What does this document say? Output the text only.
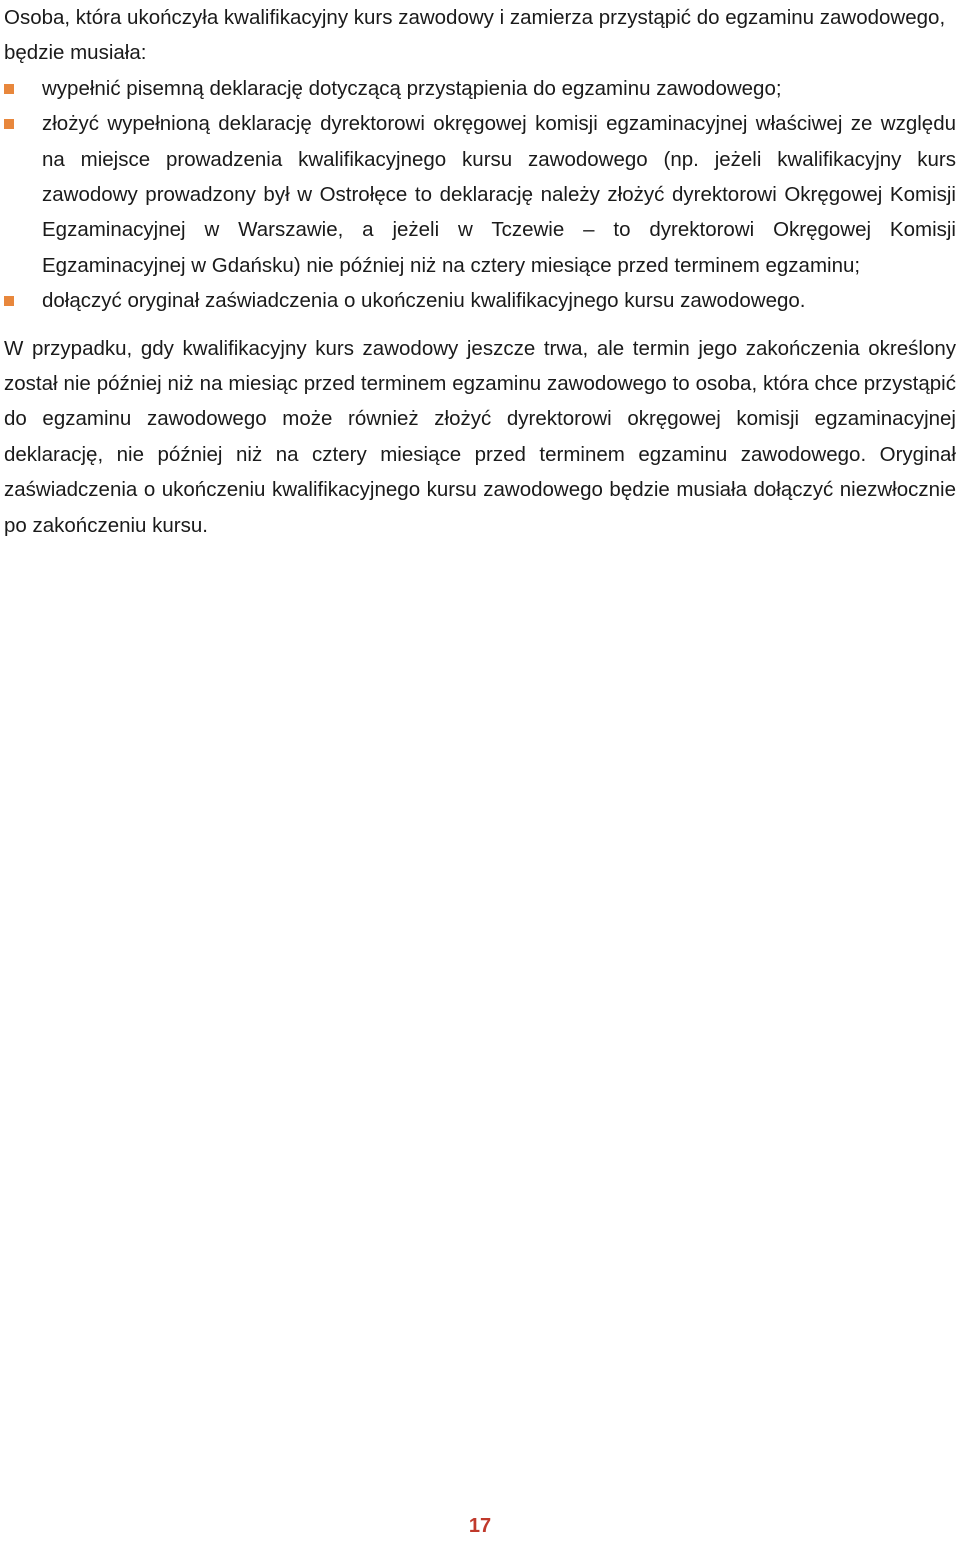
Osoba, która ukończyła kwalifikacyjny kurs zawodowy i zamierza przystąpić do egzaminu zawodowego, będzie musiała:

wypełnić pisemną deklarację dotyczącą przystąpienia do egzaminu zawodowego;
złożyć wypełnioną deklarację dyrektorowi okręgowej komisji egzaminacyjnej właściwej ze względu na miejsce prowadzenia kwalifikacyjnego kursu zawodowego (np. jeżeli kwalifikacyjny kurs zawodowy prowadzony był w Ostrołęce to deklarację należy złożyć dyrektorowi Okręgowej Komisji Egzaminacyjnej w Warszawie, a jeżeli w Tczewie – to dyrektorowi Okręgowej Komisji Egzaminacyjnej w Gdańsku) nie później niż na cztery miesiące przed terminem egzaminu;
dołączyć oryginał zaświadczenia o ukończeniu kwalifikacyjnego kursu zawodowego.

W przypadku, gdy kwalifikacyjny kurs zawodowy jeszcze trwa, ale termin jego zakończenia określony został nie później niż na miesiąc przed terminem egzaminu zawodowego to osoba, która chce przystąpić do egzaminu zawodowego może również złożyć dyrektorowi okręgowej komisji egzaminacyjnej deklarację, nie później niż na cztery miesiące przed terminem egzaminu zawodowego. Oryginał zaświadczenia o ukończeniu kwalifikacyjnego kursu zawodowego będzie musiała dołączyć niezwłocznie po zakończeniu kursu.

17
